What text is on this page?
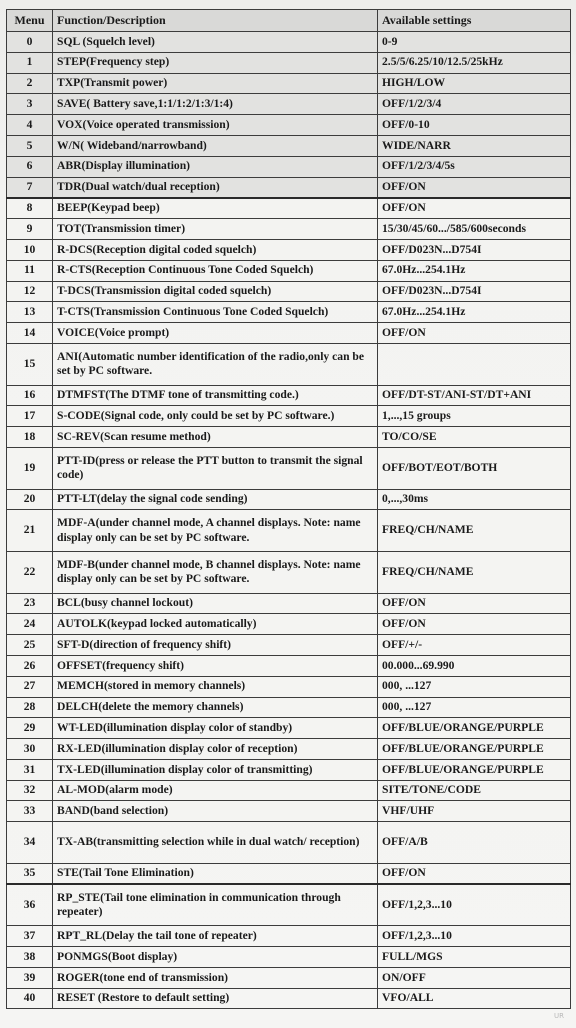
Menu	Function/Description	Available settings
0	SQL (Squelch level)	0-9
1	STEP(Frequency step)	2.5/5/6.25/10/12.5/25kHz
2	TXP(Transmit power)	HIGH/LOW
3	SAVE( Battery save,1:1/1:2/1:3/1:4)	OFF/1/2/3/4
4	VOX(Voice operated transmission)	OFF/0-10
5	W/N( Wideband/narrowband)	WIDE/NARR
6	ABR(Display illumination)	OFF/1/2/3/4/5s
7	TDR(Dual watch/dual reception)	OFF/ON
8	BEEP(Keypad beep)	OFF/ON
9	TOT(Transmission timer)	15/30/45/60.../585/600seconds
10	R-DCS(Reception digital coded squelch)	OFF/D023N...D754I
11	R-CTS(Reception Continuous Tone Coded Squelch)	67.0Hz...254.1Hz
12	T-DCS(Transmission digital coded squelch)	OFF/D023N...D754I
13	T-CTS(Transmission Continuous Tone Coded Squelch)	67.0Hz...254.1Hz
14	VOICE(Voice prompt)	OFF/ON
15	ANI(Automatic number identification of the radio,only can be set by PC software.	
16	DTMFST(The DTMF tone of transmitting code.)	OFF/DT-ST/ANI-ST/DT+ANI
17	S-CODE(Signal code, only could be set by PC software.)	1,...,15 groups
18	SC-REV(Scan resume method)	TO/CO/SE
19	PTT-ID(press or release the PTT button to transmit the signal code)	OFF/BOT/EOT/BOTH
20	PTT-LT(delay the signal code sending)	0,...,30ms
21	MDF-A(under channel mode, A channel displays. Note: name display only can be set by PC software.	FREQ/CH/NAME
22	MDF-B(under channel mode, B channel displays. Note: name display only can be set by PC software.	FREQ/CH/NAME
23	BCL(busy channel lockout)	OFF/ON
24	AUTOLK(keypad locked automatically)	OFF/ON
25	SFT-D(direction of frequency shift)	OFF/+/-
26	OFFSET(frequency shift)	00.000...69.990
27	MEMCH(stored in memory channels)	000, ...127
28	DELCH(delete the memory channels)	000, ...127
29	WT-LED(illumination display color of standby)	OFF/BLUE/ORANGE/PURPLE
30	RX-LED(illumination display color of reception)	OFF/BLUE/ORANGE/PURPLE
31	TX-LED(illumination display color of transmitting)	OFF/BLUE/ORANGE/PURPLE
32	AL-MOD(alarm mode)	SITE/TONE/CODE
33	BAND(band selection)	VHF/UHF
34	TX-AB(transmitting selection while in dual watch/ reception)	OFF/A/B
35	STE(Tail Tone Elimination)	OFF/ON
36	RP_STE(Tail tone elimination in communication through repeater)	OFF/1,2,3...10
37	RPT_RL(Delay the tail tone of repeater)	OFF/1,2,3...10
38	PONMGS(Boot display)	FULL/MGS
39	ROGER(tone end of transmission)	ON/OFF
40	RESET (Restore to default setting)	VFO/ALL
UR
